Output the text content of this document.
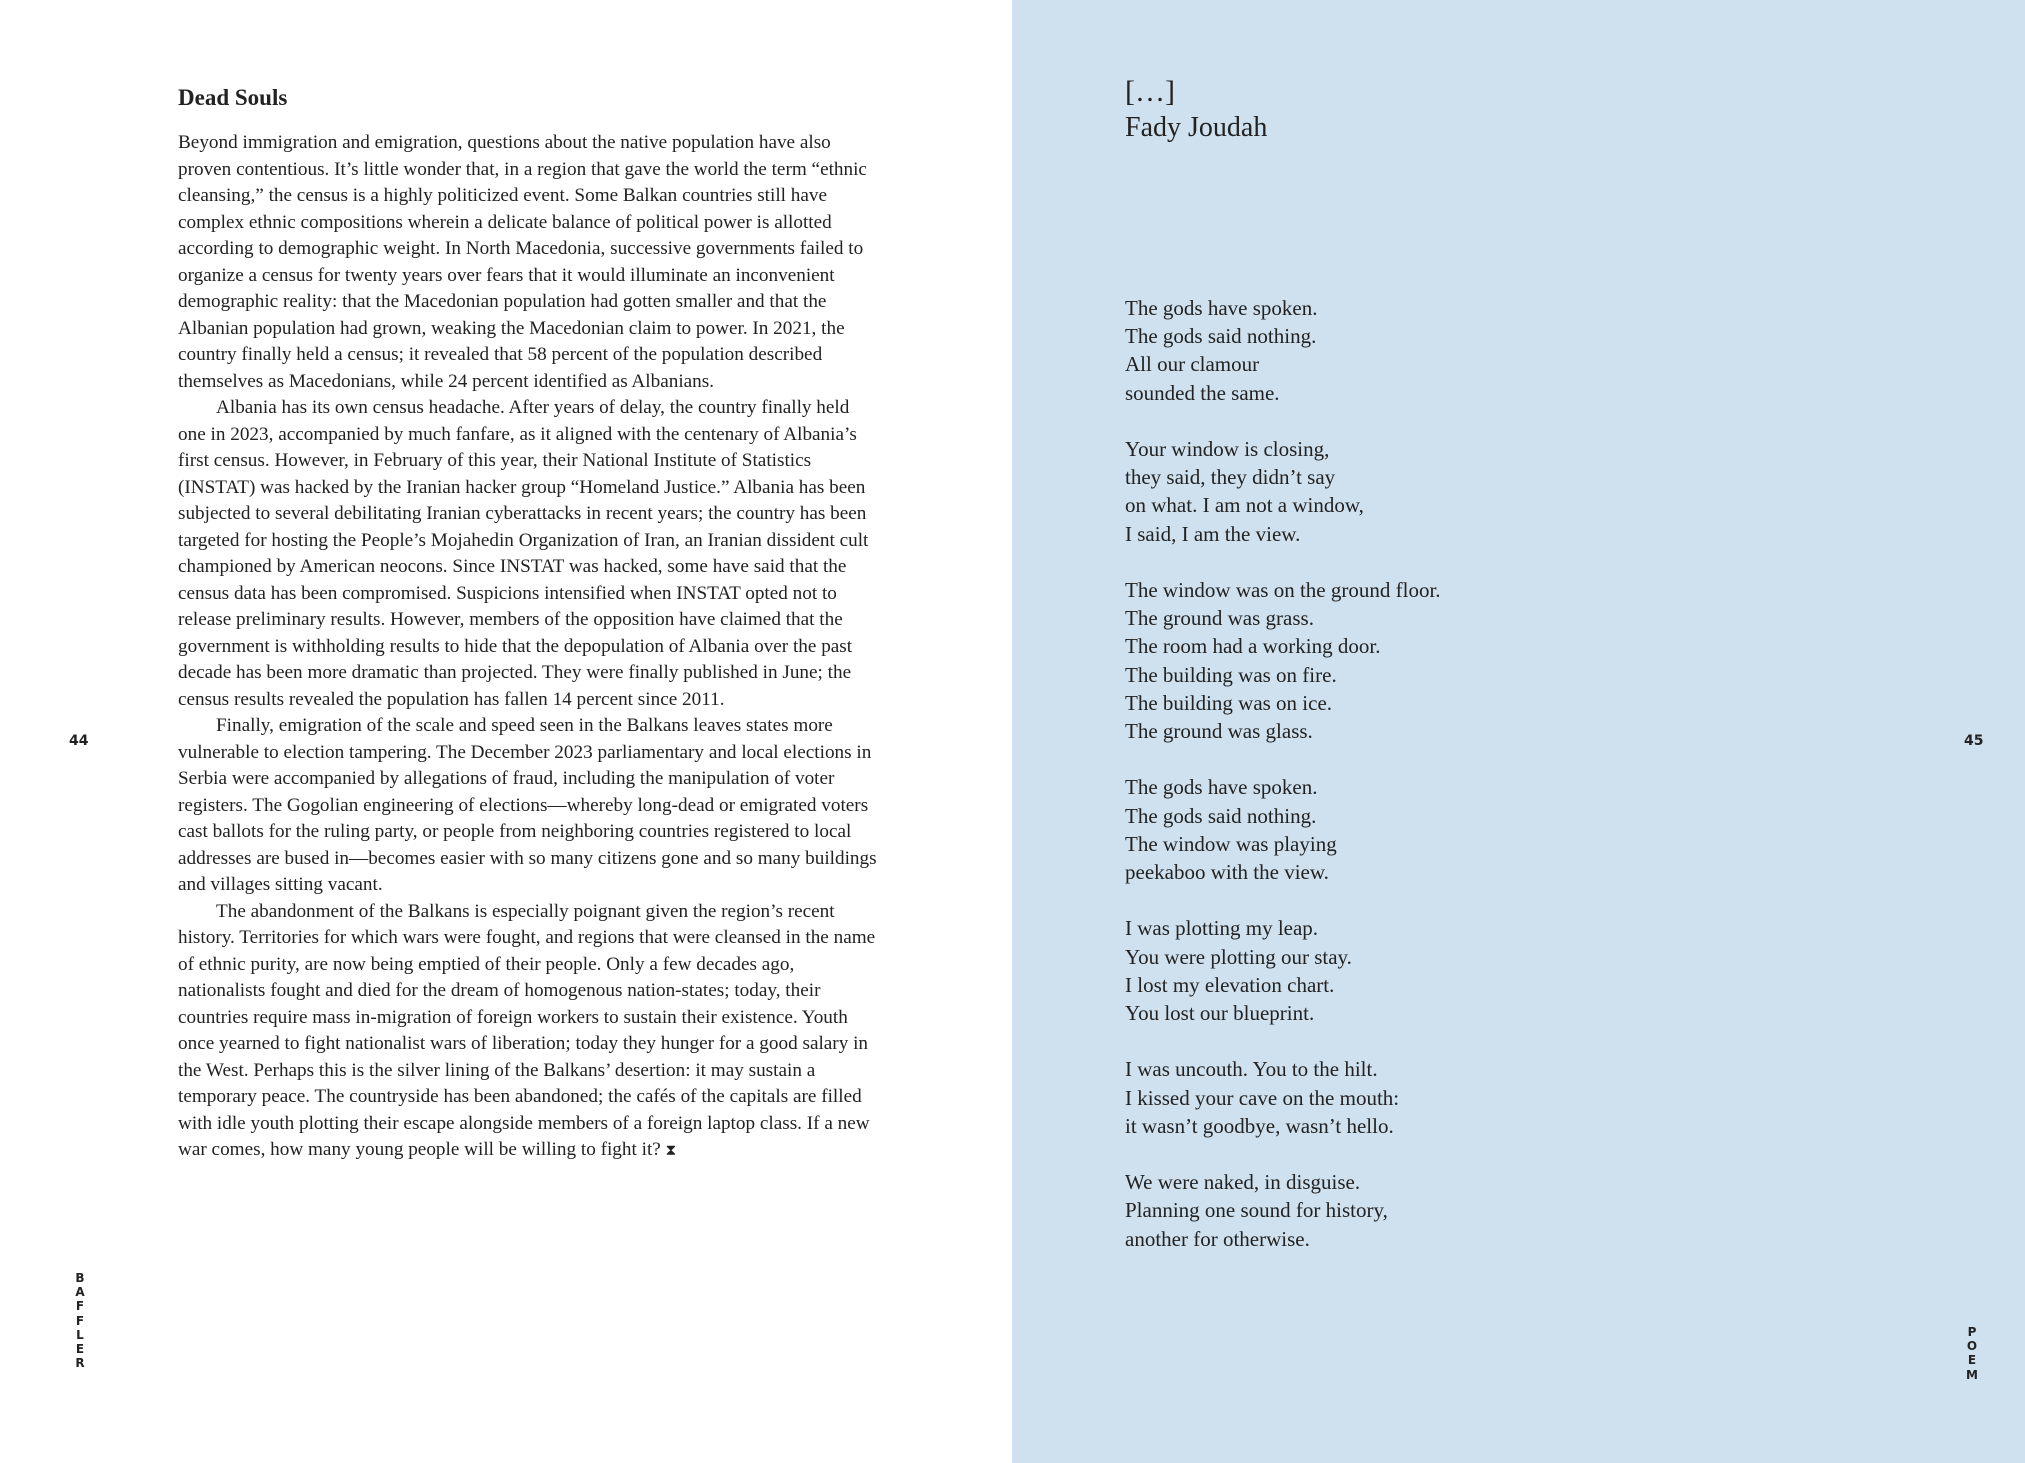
44
B
A
F
F
L
E
R
Dead Souls

Beyond immigration and emigration, questions about the native population have also proven contentious. It’s little wonder that, in a region that gave the world the term “ethnic cleansing,” the census is a highly politicized event. Some Balkan countries still have complex ethnic compositions wherein a delicate balance of political power is allotted according to demographic weight. In North Macedonia, successive governments failed to organize a census for twenty years over fears that it would illuminate an inconvenient demographic reality: that the Macedonian population had gotten smaller and that the Albanian population had grown, weaking the Macedonian claim to power. In 2021, the country finally held a census; it revealed that 58 percent of the population described themselves as Macedonians, while 24 percent identified as Albanians.

Albania has its own census headache. After years of delay, the country finally held one in 2023, accompanied by much fanfare, as it aligned with the centenary of Albania’s first census. However, in February of this year, their National Institute of Statistics (INSTAT) was hacked by the Iranian hacker group “Homeland Justice.” Albania has been subjected to several debilitating Iranian cyberattacks in recent years; the country has been targeted for hosting the People’s Mojahedin Organization of Iran, an Iranian dissident cult championed by American neocons. Since INSTAT was hacked, some have said that the census data has been compromised. Suspicions intensified when INSTAT opted not to release preliminary results. However, members of the opposition have claimed that the government is withholding results to hide that the depopulation of Albania over the past decade has been more dramatic than projected. They were finally published in June; the census results revealed the population has fallen 14 percent since 2011.

Finally, emigration of the scale and speed seen in the Balkans leaves states more vulnerable to election tampering. The December 2023 parliamentary and local elections in Serbia were accompanied by allegations of fraud, including the manipulation of voter registers. The Gogolian engineering of elections—whereby long-dead or emigrated voters cast ballots for the ruling party, or people from neighboring countries registered to local addresses are bused in—becomes easier with so many citizens gone and so many buildings and villages sitting vacant.

The abandonment of the Balkans is especially poignant given the region’s recent history. Territories for which wars were fought, and regions that were cleansed in the name of ethnic purity, are now being emptied of their people. Only a few decades ago, nationalists fought and died for the dream of homogenous nation-states; today, their countries require mass in-migration of foreign workers to sustain their existence. Youth once yearned to fight nationalist wars of liberation; today they hunger for a good salary in the West. Perhaps this is the silver lining of the Balkans’ desertion: it may sustain a temporary peace. The countryside has been abandoned; the cafés of the capitals are filled with idle youth plotting their escape alongside members of a foreign laptop class. If a new war comes, how many young people will be willing to fight it? ⧗

45
P
O
E
M
[…]
Fady Joudah
The gods have spoken.
The gods said nothing.
All our clamour
sounded the same.
Your window is closing,
they said, they didn’t say
on what. I am not a window,
I said, I am the view.
The window was on the ground floor.
The ground was grass.
The room had a working door.
The building was on fire.
The building was on ice.
The ground was glass.
The gods have spoken.
The gods said nothing.
The window was playing
peekaboo with the view.
I was plotting my leap.
You were plotting our stay.
I lost my elevation chart.
You lost our blueprint.
I was uncouth. You to the hilt.
I kissed your cave on the mouth:
it wasn’t goodbye, wasn’t hello.
We were naked, in disguise.
Planning one sound for history,
another for otherwise.
